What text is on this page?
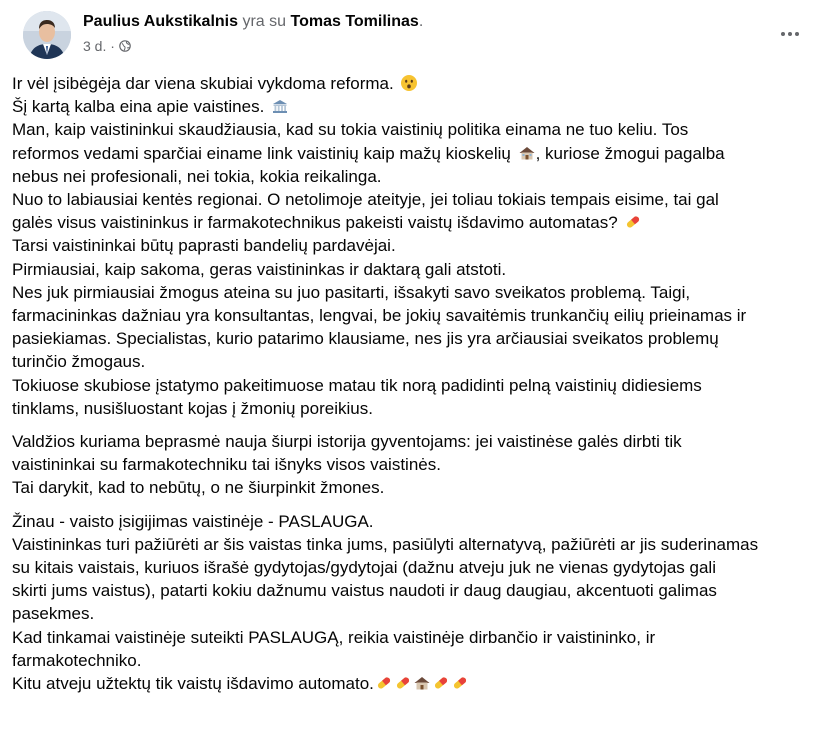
Paulius Aukstikalnis yra su Tomas Tomilinas.
3 d. ·
Ir vėl įsibėgėja dar viena skubiai vykdoma reforma.
Šį kartą kalba eina apie vaistines.
Man, kaip vaistininkui skaudžiausia, kad su tokia vaistinių politika einama ne tuo keliu. Tos
reformos vedami sparčiai einame link vaistinių kaip mažų kioskelių , kuriose žmogui pagalba
nebus nei profesionali, nei tokia, kokia reikalinga.
Nuo to labiausiai kentės regionai. O netolimoje ateityje, jei toliau tokiais tempais eisime, tai gal
galės visus vaistininkus ir farmakotechnikus pakeisti vaistų išdavimo automatas?
Tarsi vaistininkai būtų paprasti bandelių pardavėjai.
Pirmiausiai, kaip sakoma, geras vaistininkas ir daktarą gali atstoti.
Nes juk pirmiausiai žmogus ateina su juo pasitarti, išsakyti savo sveikatos problemą. Taigi,
farmacininkas dažniau yra konsultantas, lengvai, be jokių savaitėmis trunkančių eilių prieinamas ir
pasiekiamas. Specialistas, kurio patarimo klausiame, nes jis yra arčiausiai sveikatos problemų
turinčio žmogaus.
Tokiuose skubiose įstatymo pakeitimuose matau tik norą padidinti pelną vaistinių didiesiems
tinklams, nusišluostant kojas į žmonių poreikius.
Valdžios kuriama beprasmė nauja šiurpi istorija gyventojams: jei vaistinėse galės dirbti tik
vaistininkai su farmakotechniku tai išnyks visos vaistinės.
Tai darykit, kad to nebūtų, o ne šiurpinkit žmones.
Žinau - vaisto įsigijimas vaistinėje - PASLAUGA.
Vaistininkas turi pažiūrėti ar šis vaistas tinka jums, pasiūlyti alternatyvą, pažiūrėti ar jis suderinamas
su kitais vaistais, kuriuos išrašė gydytojas/gydytojai (dažnu atveju juk ne vienas gydytojas gali
skirti jums vaistus), patarti kokiu dažnumu vaistus naudoti ir daug daugiau, akcentuoti galimas
pasekmes.
Kad tinkamai vaistinėje suteikti PASLAUGĄ, reikia vaistinėje dirbančio ir vaistininko, ir
farmakotechniko.
Kitu atveju užtektų tik vaistų išdavimo automato.
